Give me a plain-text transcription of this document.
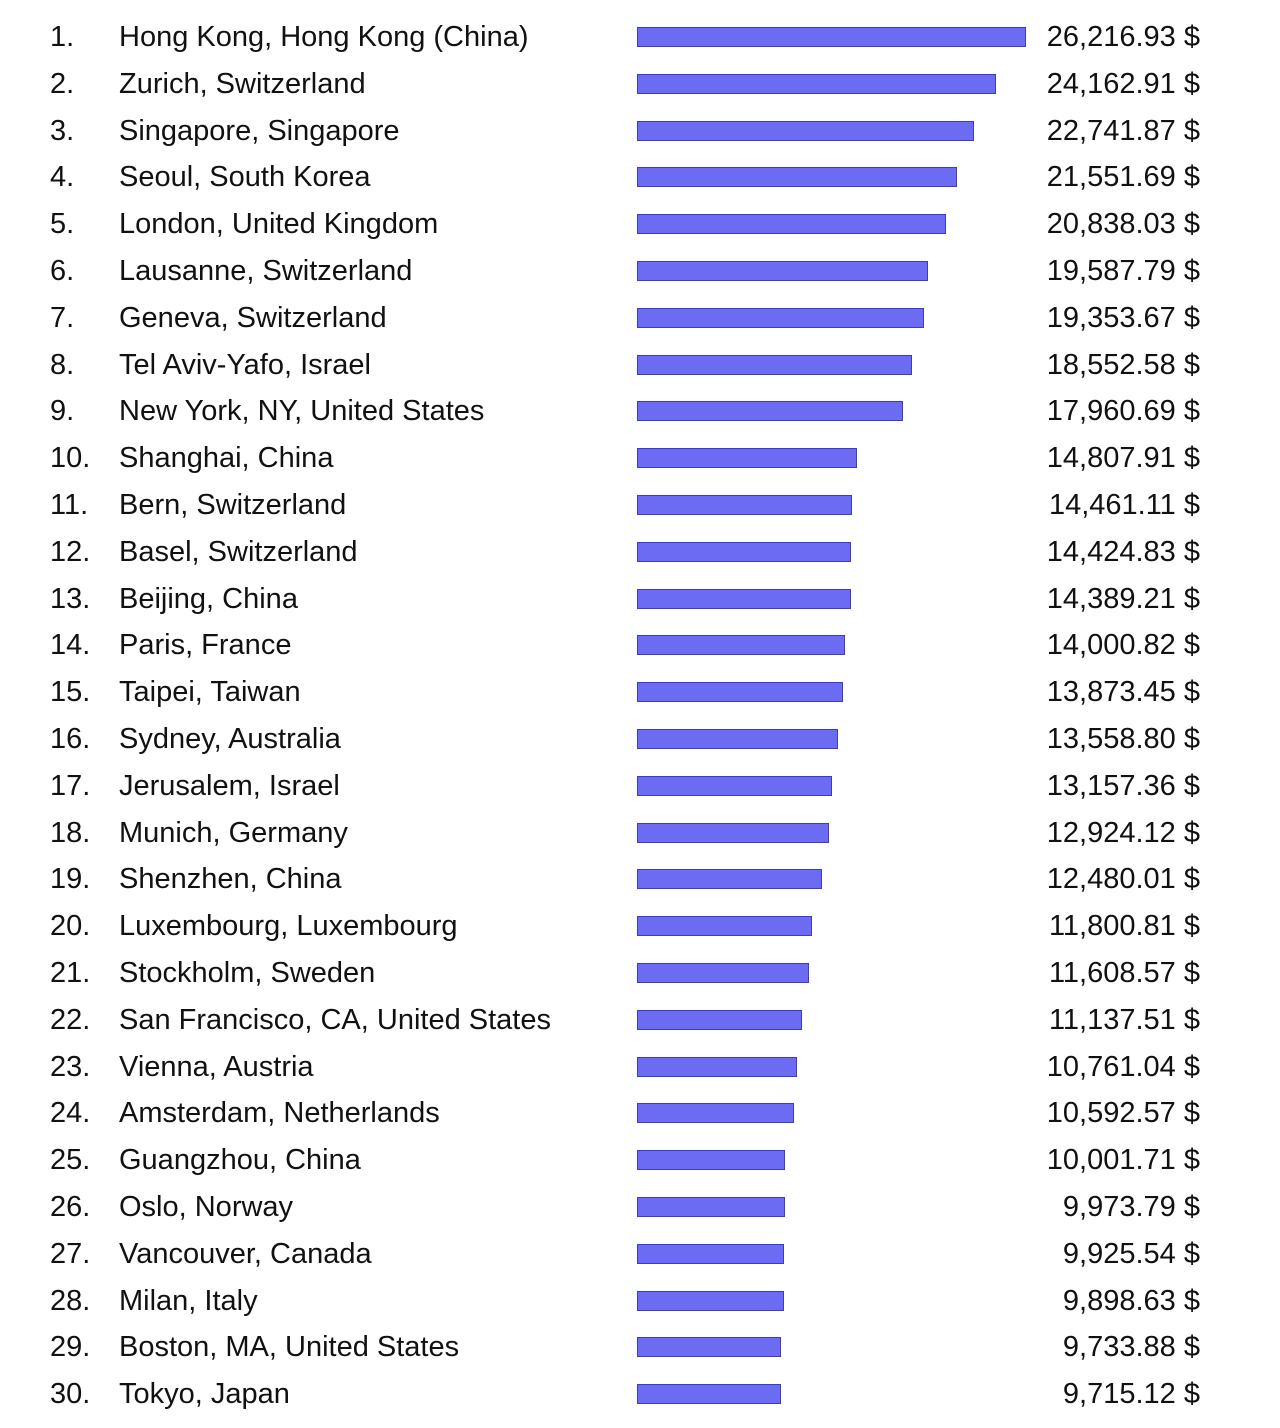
1.	Hong Kong, Hong Kong (China)	26,216.93 $
2.	Zurich, Switzerland	24,162.91 $
3.	Singapore, Singapore	22,741.87 $
4.	Seoul, South Korea	21,551.69 $
5.	London, United Kingdom	20,838.03 $
6.	Lausanne, Switzerland	19,587.79 $
7.	Geneva, Switzerland	19,353.67 $
8.	Tel Aviv-Yafo, Israel	18,552.58 $
9.	New York, NY, United States	17,960.69 $
10. Shanghai, China	14,807.91 $
11.	Bern, Switzerland	14,461.11 $
12. Basel, Switzerland	14,424.83 $
13. Beijing, China	14,389.21 $
14. Paris, France	14,000.82 $
15. Taipei, Taiwan	13,873.45 $
16. Sydney, Australia	13,558.80 $
17. Jerusalem, Israel	13,157.36 $
18. Munich, Germany	12,924.12 $
19. Shenzhen, China	12,480.01 $
20. Luxembourg, Luxembourg	11,800.81 $
21. Stockholm, Sweden	11,608.57 $
22. San Francisco, CA, United States	11,137.51 $
23. Vienna, Austria	10,761.04 $
24. Amsterdam, Netherlands	10,592.57 $
25. Guangzhou, China	10,001.71 $
26. Oslo, Norway	9,973.79 $
27. Vancouver, Canada	9,925.54 $
28. Milan, Italy	9,898.63 $
29. Boston, MA, United States	9,733.88 $
30. Tokyo, Japan	9,715.12 $
